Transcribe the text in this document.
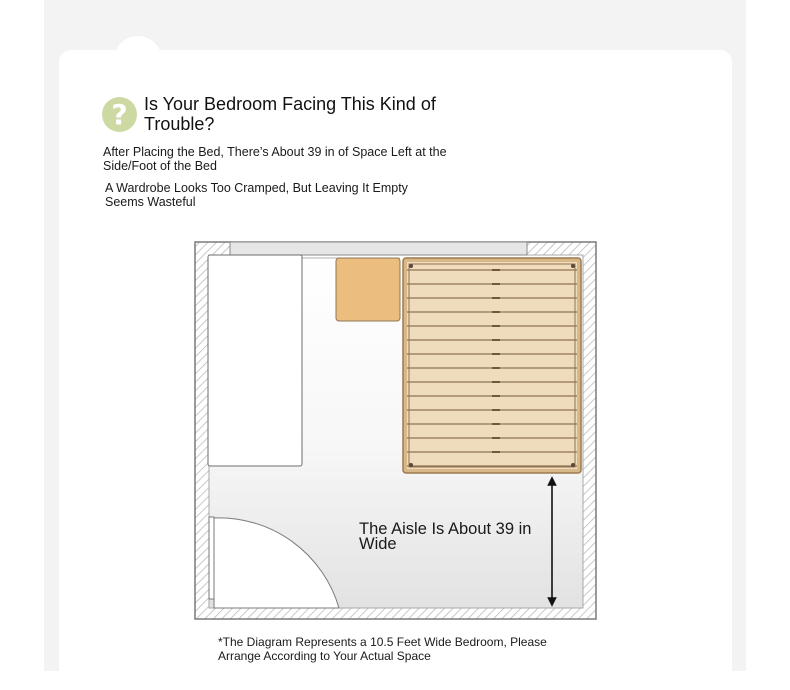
? Is Your Bedroom Facing This Kind of Trouble?
After Placing the Bed, There’s About 39 in of Space Left at the Side/Foot of the Bed
A Wardrobe Looks Too Cramped, But Leaving It Empty Seems Wasteful
The Aisle Is About 39 in Wide
*The Diagram Represents a 10.5 Feet Wide Bedroom, Please Arrange According to Your Actual Space
